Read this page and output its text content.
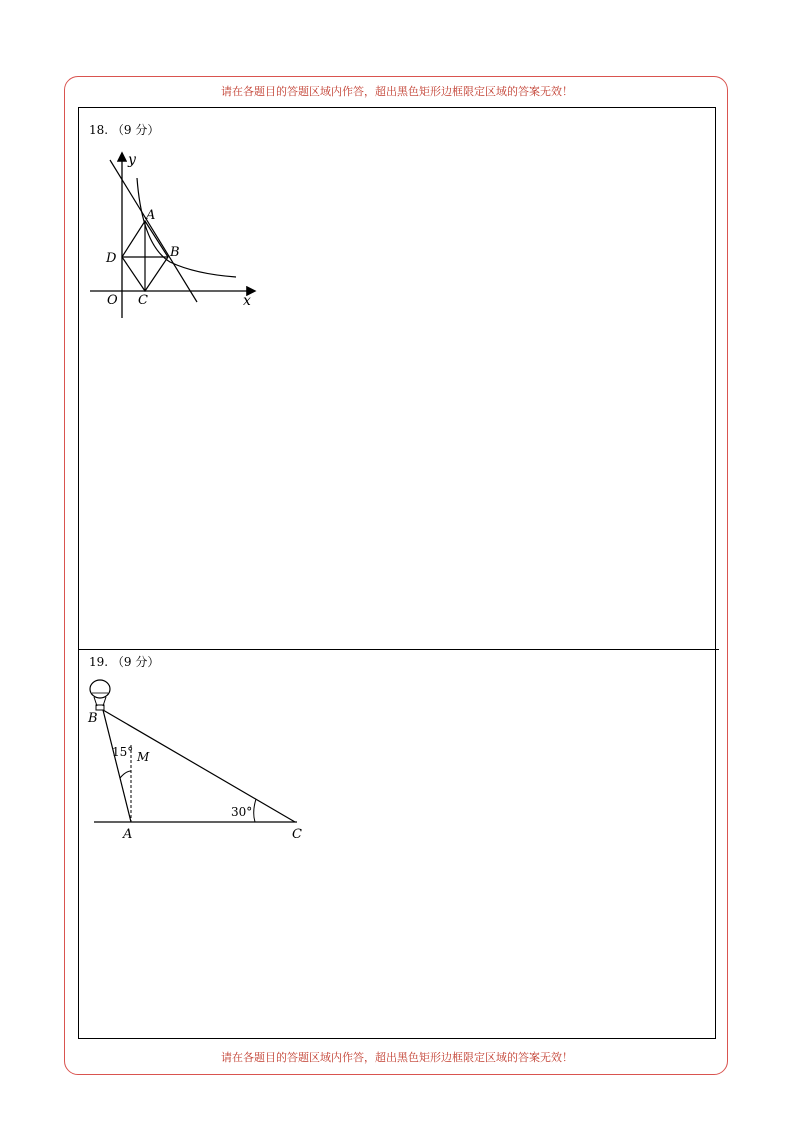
请在各题目的答题区域内作答，超出黑色矩形边框限定区域的答案无效！
18. （9 分）
y
x
A
B
C
D
O
19. （9 分）
B
15° M
30°
A	C
请在各题目的答题区域内作答，超出黑色矩形边框限定区域的答案无效！
